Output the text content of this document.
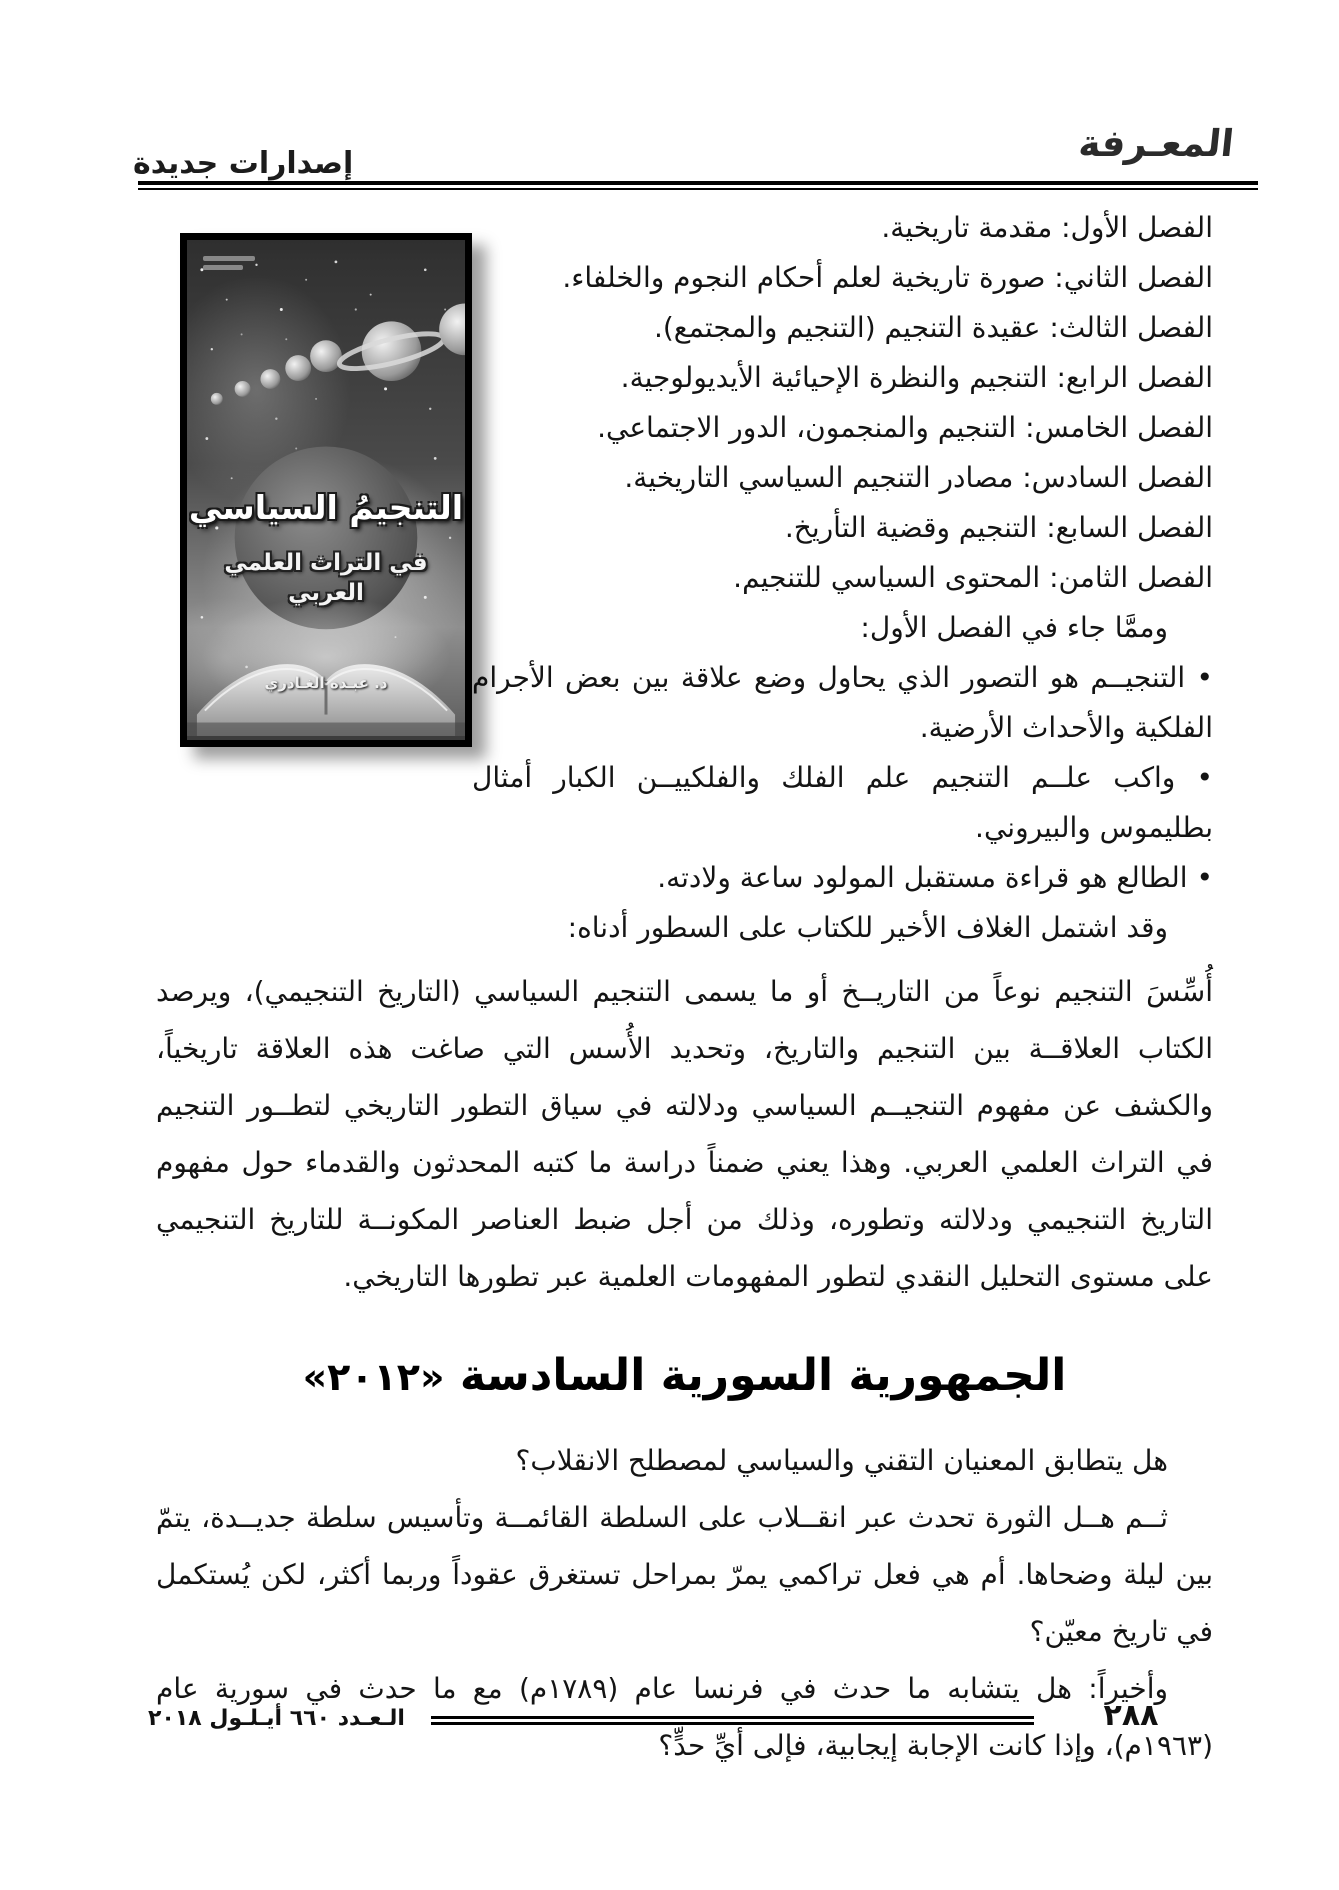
المعـرفة
إصدارات جديدة
التنجيمُ السياسي
في التراث العلمي العربي
د. عبـده الغـادري

الفصل الأول: مقدمة تاريخية.

الفصل الثاني: صورة تاريخية لعلم أحكام النجوم والخلفاء.

الفصل الثالث: عقيدة التنجيم (التنجيم والمجتمع).

الفصل الرابع: التنجيم والنظرة الإحيائية الأيديولوجية.

الفصل الخامس: التنجيم والمنجمون، الدور الاجتماعي.

الفصل السادس: مصادر التنجيم السياسي التاريخية.

الفصل السابع: التنجيم وقضية التأريخ.

الفصل الثامن: المحتوى السياسي للتنجيم.

وممَّا جاء في الفصل الأول:

• التنجيــم هو التصور الذي يحاول وضع علاقة بين بعض الأجرام الفلكية والأحداث الأرضية.

• واكب علــم التنجيم علم الفلك والفلكييــن الكبار أمثال بطليموس والبيروني.

• الطالع هو قراءة مستقبل المولود ساعة ولادته.

وقد اشتمل الغلاف الأخير للكتاب على السطور أدناه:

أُسِّسَ التنجيم نوعاً من التاريــخ أو ما يسمى التنجيم السياسي (التاريخ التنجيمي)، ويرصد الكتاب العلاقــة بين التنجيم والتاريخ، وتحديد الأُسس التي صاغت هذه العلاقة تاريخياً، والكشف عن مفهوم التنجيــم السياسي ودلالته في سياق التطور التاريخي لتطــور التنجيم في التراث العلمي العربي. وهذا يعني ضمناً دراسة ما كتبه المحدثون والقدماء حول مفهوم التاريخ التنجيمي ودلالته وتطوره، وذلك من أجل ضبط العناصر المكونــة للتاريخ التنجيمي على مستوى التحليل النقدي لتطور المفهومات العلمية عبر تطورها التاريخي.

الجمهورية السورية السادسة «٢٠١٢»

هل يتطابق المعنيان التقني والسياسي لمصطلح الانقلاب؟

ثــم هــل الثورة تحدث عبر انقــلاب على السلطة القائمــة وتأسيس سلطة جديــدة، يتمّ بين ليلة وضحاها. أم هي فعل تراكمي يمرّ بمراحل تستغرق عقوداً وربما أكثر، لكن يُستكمل في تاريخ معيّن؟

وأخيراً: هل يتشابه ما حدث في فرنسا عام (١٧٨٩م) مع ما حدث في سورية عام (١٩٦٣م)، وإذا كانت الإجابة إيجابية، فإلى أيِّ حدٍّ؟

الـعـدد ٦٦٠ أيـلـول ٢٠١٨	٢٨٨
